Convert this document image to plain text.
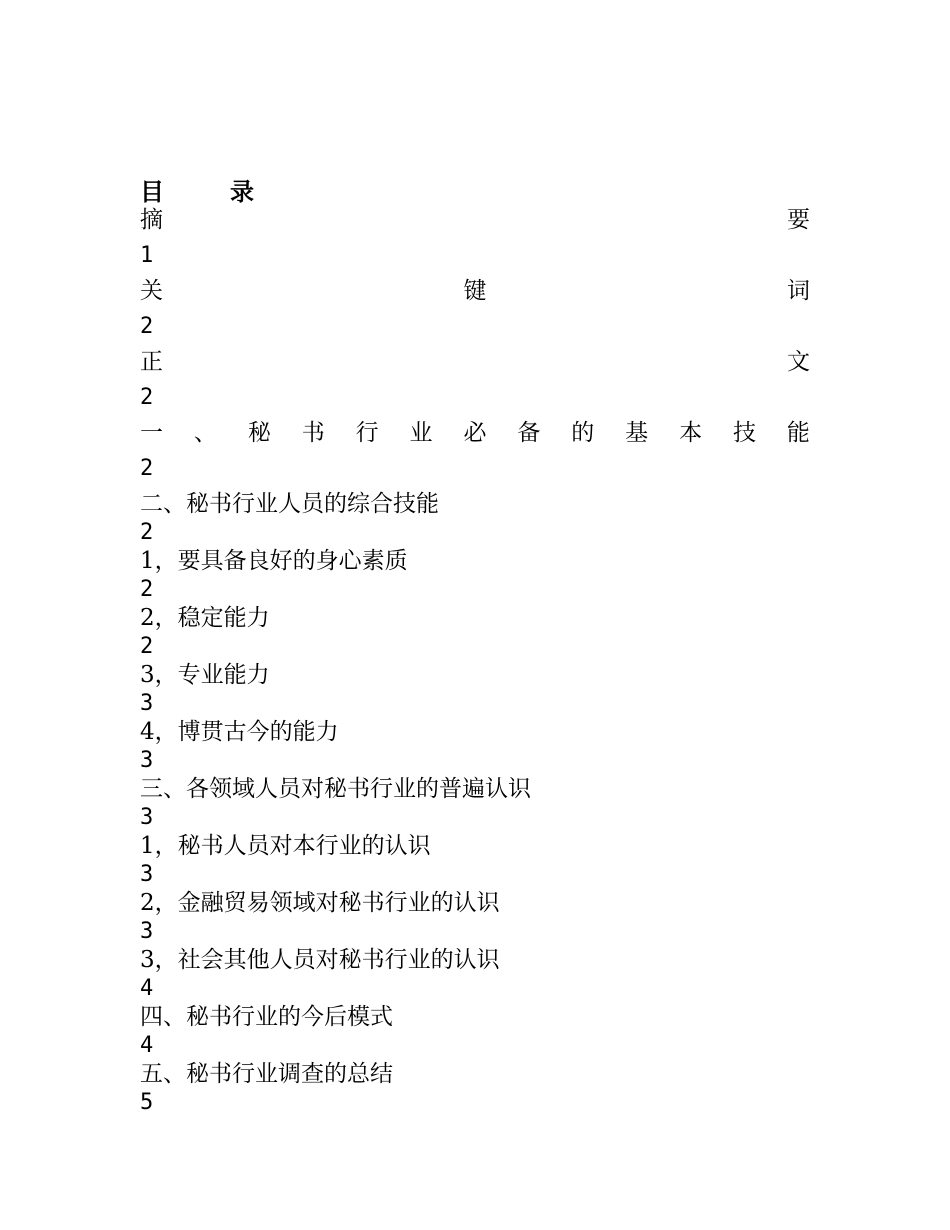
目	录
摘	要
1
关	键	词
2
正	文
2
一 、 秘 书 行 业 必 备 的 基 本 技 能
2
二、秘书行业人员的综合技能
2
1，要具备良好的身心素质
2
2，稳定能力
2
3，专业能力
3
4，博贯古今的能力
3
三、各领域人员对秘书行业的普遍认识
3
1，秘书人员对本行业的认识
3
2，金融贸易领域对秘书行业的认识
3
3，社会其他人员对秘书行业的认识
4
四、秘书行业的今后模式
4
五、秘书行业调查的总结
5
